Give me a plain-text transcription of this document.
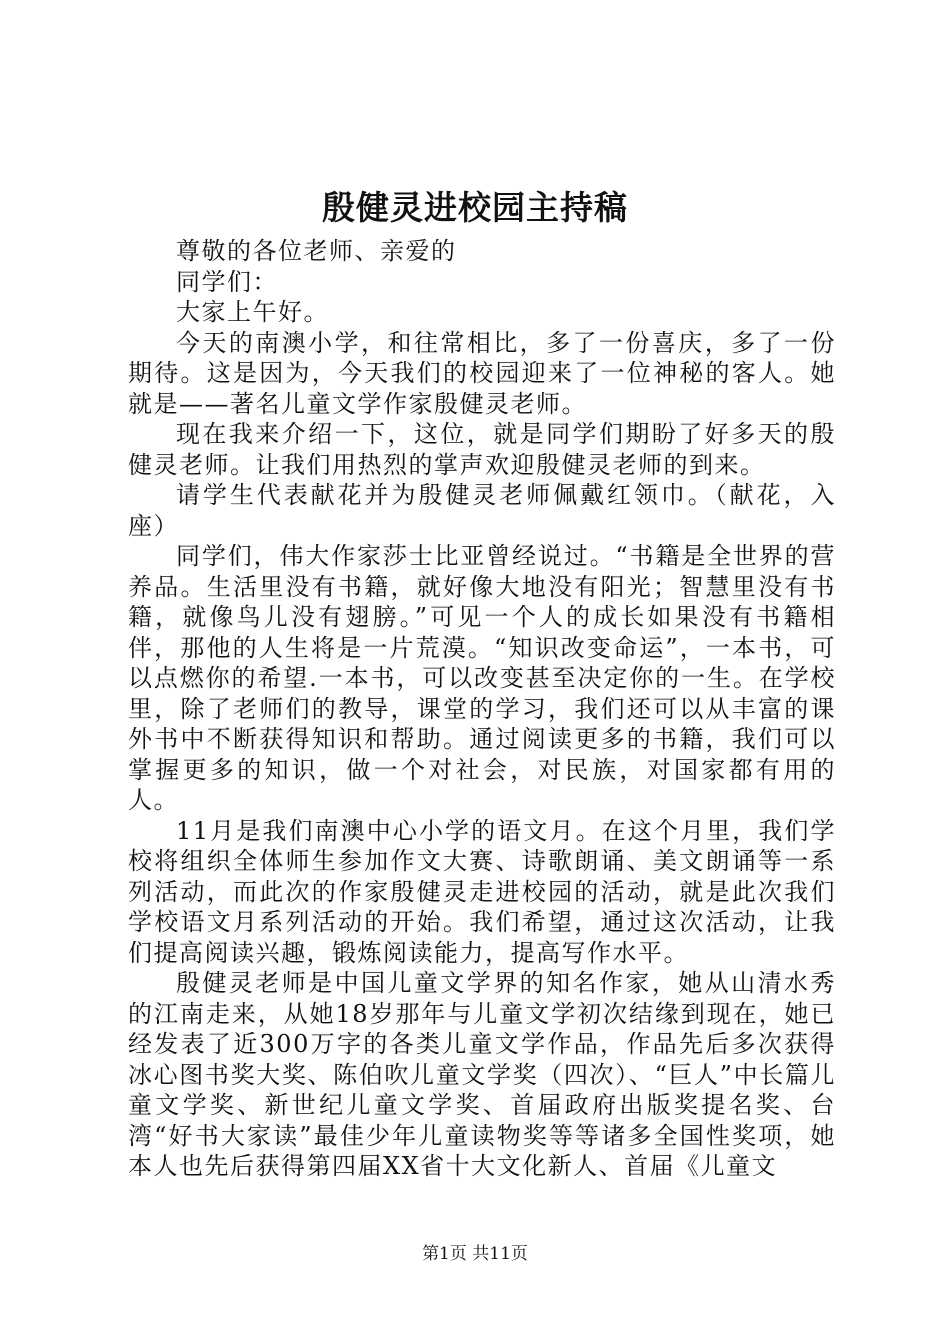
殷健灵进校园主持稿

尊敬的各位老师、亲爱的

同学们：

大家上午好。

今天的南澳小学，和往常相比，多了一份喜庆，多了一份期待。这是因为，今天我们的校园迎来了一位神秘的客人。她就是——著名儿童文学作家殷健灵老师。

现在我来介绍一下，这位，就是同学们期盼了好多天的殷健灵老师。让我们用热烈的掌声欢迎殷健灵老师的到来。

请学生代表献花并为殷健灵老师佩戴红领巾。（献花，入座）

同学们，伟大作家莎士比亚曾经说过。“书籍是全世界的营养品。生活里没有书籍，就好像大地没有阳光；智慧里没有书籍，就像鸟儿没有翅膀。”可见一个人的成长如果没有书籍相伴，那他的人生将是一片荒漠。“知识改变命运”，一本书，可以点燃你的希望.一本书，可以改变甚至决定你的一生。在学校里，除了老师们的教导，课堂的学习，我们还可以从丰富的课外书中不断获得知识和帮助。通过阅读更多的书籍，我们可以掌握更多的知识，做一个对社会，对民族，对国家都有用的人。

11月是我们南澳中心小学的语文月。在这个月里，我们学校将组织全体师生参加作文大赛、诗歌朗诵、美文朗诵等一系列活动，而此次的作家殷健灵走进校园的活动，就是此次我们学校语文月系列活动的开始。我们希望，通过这次活动，让我们提高阅读兴趣，锻炼阅读能力，提高写作水平。

殷健灵老师是中国儿童文学界的知名作家，她从山清水秀的江南走来，从她18岁那年与儿童文学初次结缘到现在，她已经发表了近300万字的各类儿童文学作品，作品先后多次获得冰心图书奖大奖、陈伯吹儿童文学奖（四次）、“巨人”中长篇儿童文学奖、新世纪儿童文学奖、首届政府出版奖提名奖、台湾“好书大家读”最佳少年儿童读物奖等等诸多全国性奖项，她本人也先后获得第四届XX省十大文化新人、首届《儿童文

第1页 共11页
